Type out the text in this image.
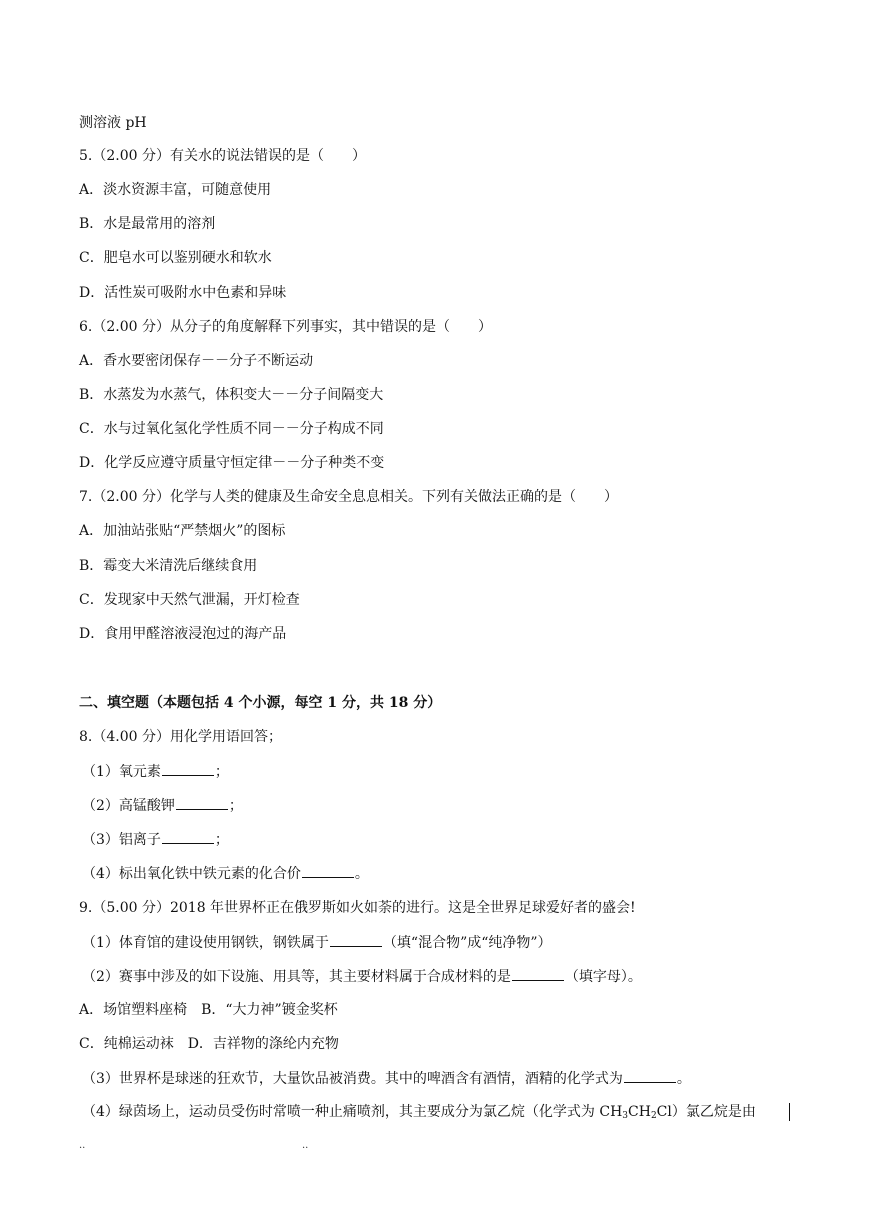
测溶液 pH
5.（2.00 分）有关水的说法错误的是（　　）
A．淡水资源丰富，可随意使用
B．水是最常用的溶剂
C．肥皂水可以鉴别硬水和软水
D．活性炭可吸附水中色素和异味
6.（2.00 分）从分子的角度解释下列事实，其中错误的是（　　）
A．香水要密闭保存－－分子不断运动
B．水蒸发为水蒸气，体积变大－－分子间隔变大
C．水与过氧化氢化学性质不同－－分子构成不同
D．化学反应遵守质量守恒定律－－分子种类不变
7.（2.00 分）化学与人类的健康及生命安全息息相关。下列有关做法正确的是（　　）
A．加油站张贴“严禁烟火”的图标
B．霉变大米清洗后继续食用
C．发现家中天然气泄漏，开灯检查
D．食用甲醛溶液浸泡过的海产品
二、填空题（本题包括 4 个小源，每空 1 分，共 18 分）
8.（4.00 分）用化学用语回答；
（1）氧元素	；
（2）高锰酸钾	；
（3）铝离子	；
（4）标出氧化铁中铁元素的化合价	。
9.（5.00 分）2018 年世界杯正在俄罗斯如火如荼的进行。这是全世界足球爱好者的盛会!
（1）体育馆的建设使用钢铁，钢铁属于	（填“混合物”成“纯净物”）
（2）赛事中涉及的如下设施、用具等，其主要材料属于合成材料的是	（填字母）。
A．场馆塑料座椅　B．“大力神”镀金奖杯
C．纯棉运动袜　D．吉祥物的涤纶内充物
（3）世界杯是球迷的狂欢节，大量饮品被消费。其中的啤酒含有酒情，酒精的化学式为	。
（4）绿茵场上，运动员受伤时常喷一种止痛喷剂，其主要成分为氯乙烷（化学式为 $CH_3CH_2Cl$）氯乙烷是由
..	..
